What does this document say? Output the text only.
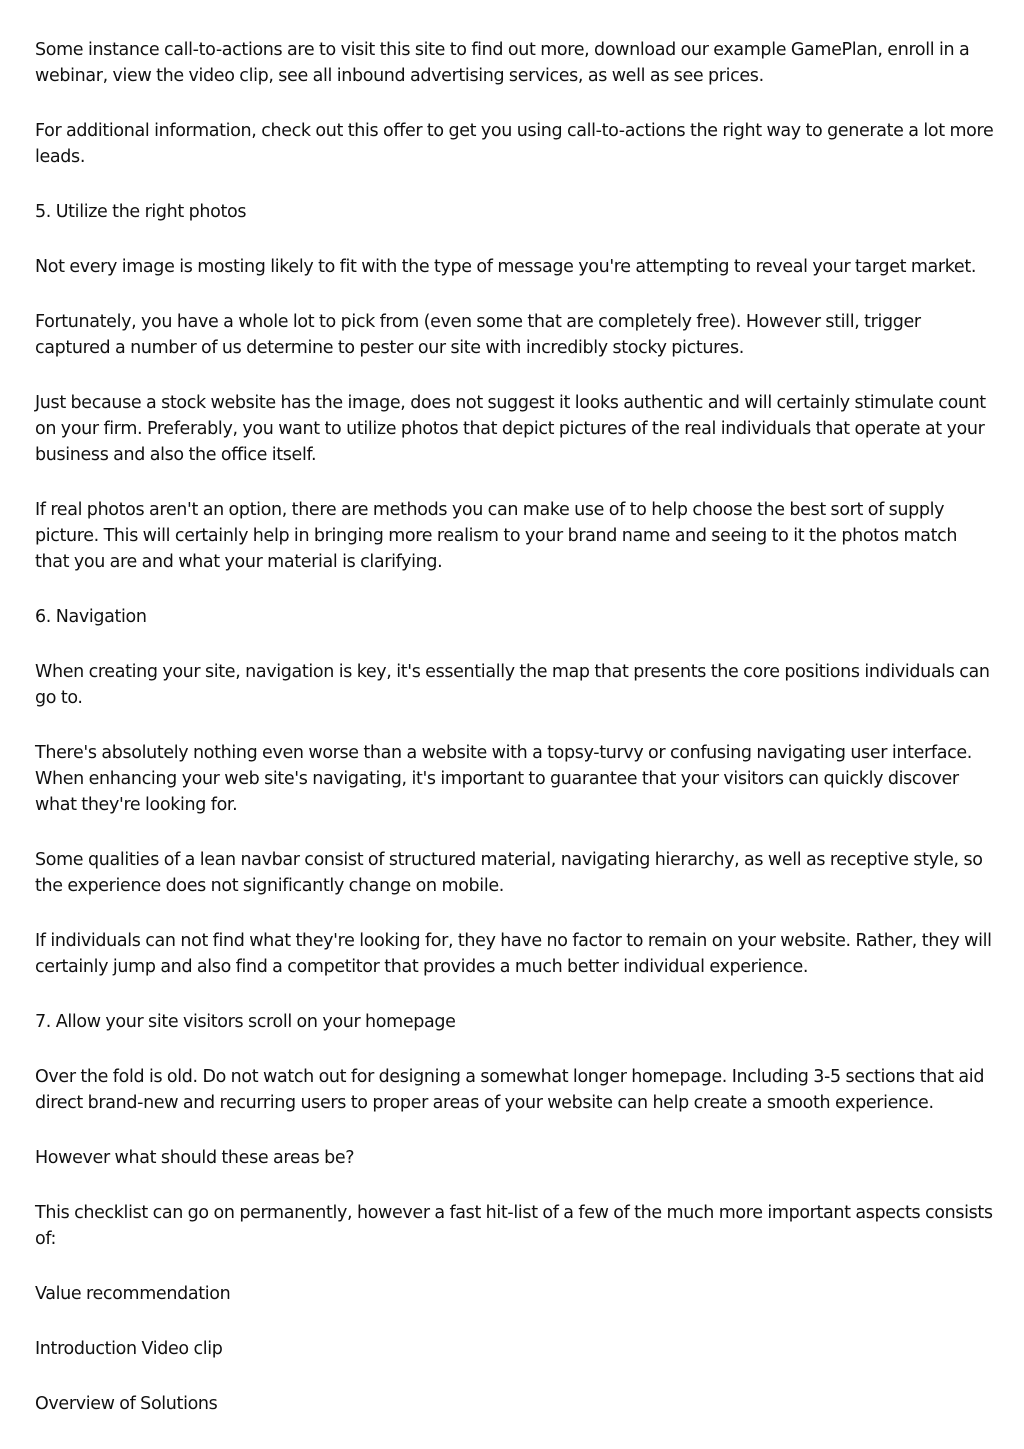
Some instance call-to-actions are to visit this site to find out more, download our example GamePlan, enroll in a webinar, view the video clip, see all inbound advertising services, as well as see prices.

For additional information, check out this offer to get you using call-to-actions the right way to generate a lot more leads.

5. Utilize the right photos

Not every image is mosting likely to fit with the type of message you're attempting to reveal your target market.

Fortunately, you have a whole lot to pick from (even some that are completely free). However still, trigger captured a number of us determine to pester our site with incredibly stocky pictures.

Just because a stock website has the image, does not suggest it looks authentic and will certainly stimulate count on your firm. Preferably, you want to utilize photos that depict pictures of the real individuals that operate at your business and also the office itself.

If real photos aren't an option, there are methods you can make use of to help choose the best sort of supply picture. This will certainly help in bringing more realism to your brand name and seeing to it the photos match that you are and what your material is clarifying.

6. Navigation

When creating your site, navigation is key, it's essentially the map that presents the core positions individuals can go to.

There's absolutely nothing even worse than a website with a topsy-turvy or confusing navigating user interface. When enhancing your web site's navigating, it's important to guarantee that your visitors can quickly discover what they're looking for.

Some qualities of a lean navbar consist of structured material, navigating hierarchy, as well as receptive style, so the experience does not significantly change on mobile.

If individuals can not find what they're looking for, they have no factor to remain on your website. Rather, they will certainly jump and also find a competitor that provides a much better individual experience.

7. Allow your site visitors scroll on your homepage

Over the fold is old. Do not watch out for designing a somewhat longer homepage. Including 3-5 sections that aid direct brand-new and recurring users to proper areas of your website can help create a smooth experience.

However what should these areas be?

This checklist can go on permanently, however a fast hit-list of a few of the much more important aspects consists of:

Value recommendation

Introduction Video clip

Overview of Solutions
